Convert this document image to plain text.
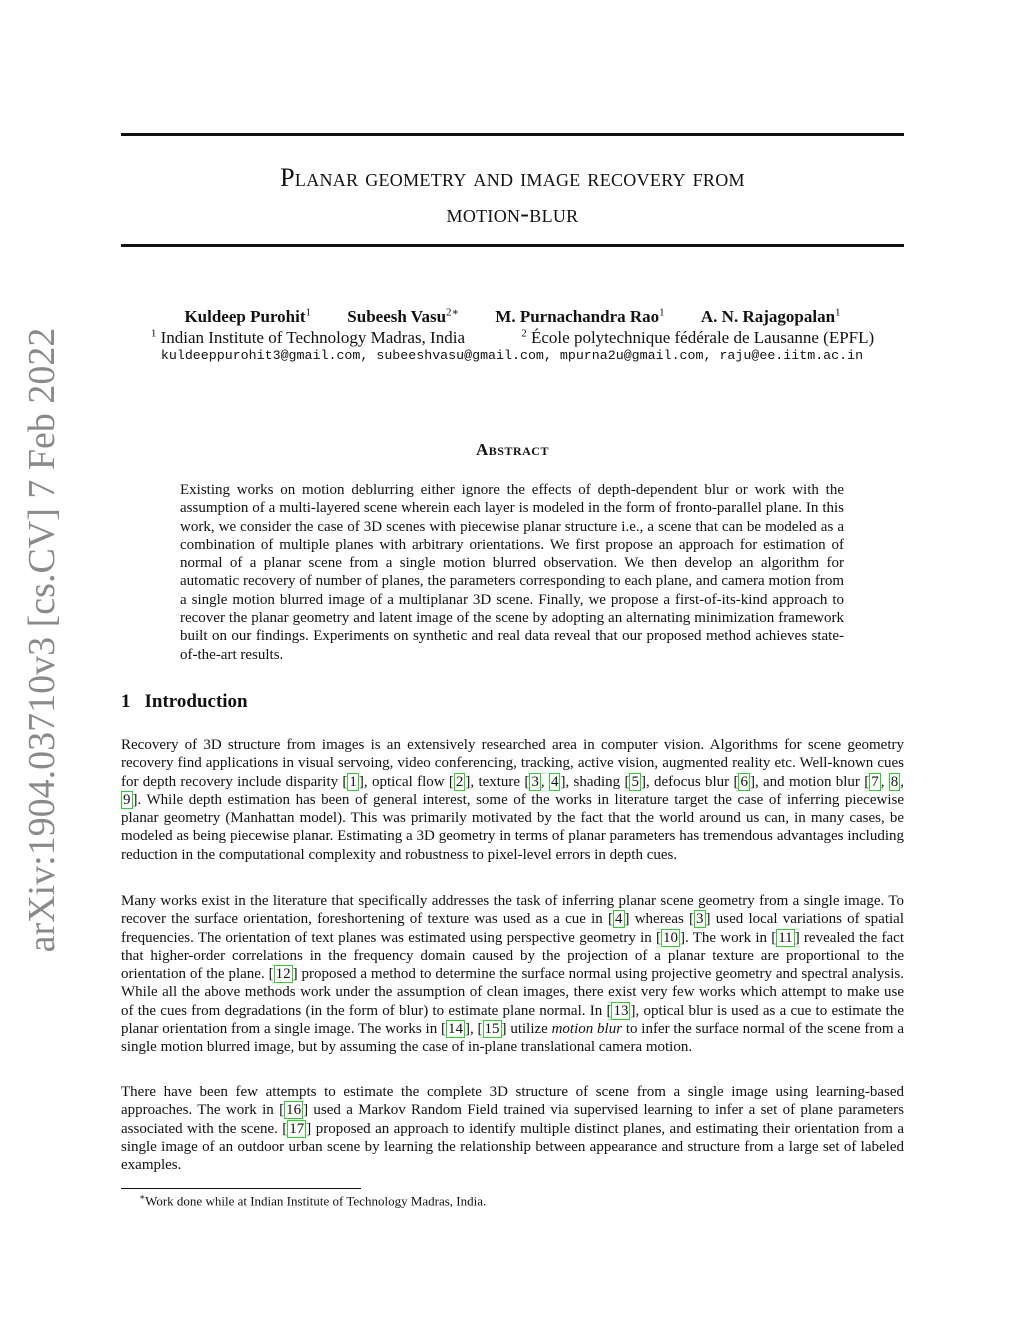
arXiv:1904.03710v3 [cs.CV] 7 Feb 2022
Planar geometry and image recovery from
motion-blur
Kuldeep Purohit$^1$ Subeesh Vasu$^{2∗}$ M. Purnachandra Rao$^1$ A. N. Rajagopalan$^1$
$^1$ Indian Institute of Technology Madras, India	$^2$ École polytechnique fédérale de Lausanne (EPFL)
kuldeeppurohit3@gmail.com, subeeshvasu@gmail.com, mpurna2u@gmail.com, raju@ee.iitm.ac.in
Abstract

Existing works on motion deblurring either ignore the effects of depth-dependent blur or work with the assumption of a multi-layered scene wherein each layer is modeled in the form of fronto-parallel plane. In this work, we consider the case of 3D scenes with piecewise planar structure i.e., a scene that can be modeled as a combination of multiple planes with arbitrary orientations. We first propose an approach for estimation of normal of a planar scene from a single motion blurred observation. We then develop an algorithm for automatic recovery of number of planes, the parameters corresponding to each plane, and camera motion from a single motion blurred image of a multiplanar 3D scene. Finally, we propose a first-of-its-kind approach to recover the planar geometry and latent image of the scene by adopting an alternating minimization framework built on our findings. Experiments on synthetic and real data reveal that our proposed method achieves state-of-the-art results.

1 Introduction

Recovery of 3D structure from images is an extensively researched area in computer vision. Algorithms for scene geometry recovery find applications in visual servoing, video conferencing, tracking, active vision, augmented reality etc. Well-known cues for depth recovery include disparity [ 1 ], optical flow [ 2 ], texture [ 3 , 4 ], shading [ 5 ], defocus blur [ 6 ], and motion blur [ 7 , 8 , 9 ]. While depth estimation has been of general interest, some of the works in literature target the case of inferring piecewise planar geometry (Manhattan model). This was primarily motivated by the fact that the world around us can, in many cases, be modeled as being piecewise planar. Estimating a 3D geometry in terms of planar parameters has tremendous advantages including reduction in the computational complexity and robustness to pixel-level errors in depth cues.

Many works exist in the literature that specifically addresses the task of inferring planar scene geometry from a single image. To recover the surface orientation, foreshortening of texture was used as a cue in [ 4 ] whereas [ 3 ] used local variations of spatial frequencies. The orientation of text planes was estimated using perspective geometry in [ 10 ]. The work in [ 11 ] revealed the fact that higher-order correlations in the frequency domain caused by the projection of a planar texture are proportional to the orientation of the plane. [ 12 ] proposed a method to determine the surface normal using projective geometry and spectral analysis. While all the above methods work under the assumption of clean images, there exist very few works which attempt to make use of the cues from degradations (in the form of blur) to estimate plane normal. In [ 13 ], optical blur is used as a cue to estimate the planar orientation from a single image. The works in [ 14 ], [ 15 ] utilize motion blur to infer the surface normal of the scene from a single motion blurred image, but by assuming the case of in-plane translational camera motion.

There have been few attempts to estimate the complete 3D structure of scene from a single image using learning-based approaches. The work in [ 16 ] used a Markov Random Field trained via supervised learning to infer a set of plane parameters associated with the scene. [ 17 ] proposed an approach to identify multiple distinct planes, and estimating their orientation from a single image of an outdoor urban scene by learning the relationship between appearance and structure from a large set of labeled examples.

∗Work done while at Indian Institute of Technology Madras, India.
